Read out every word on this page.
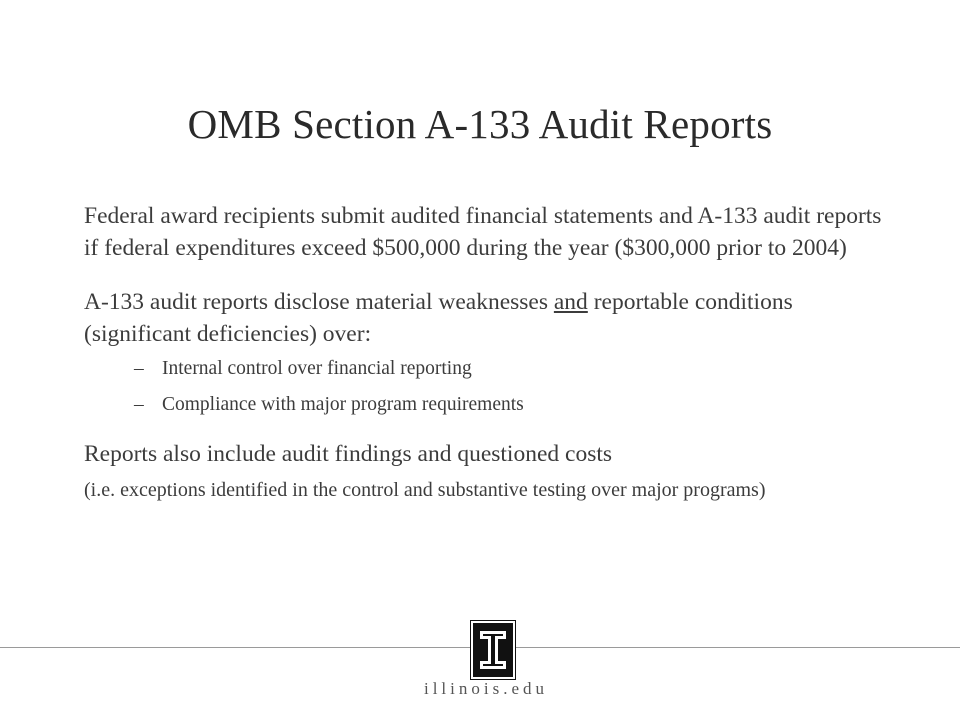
OMB Section A-133 Audit Reports

Federal award recipients submit audited financial statements and A-133 audit reports if federal expenditures exceed $500,000 during the year ($300,000 prior to 2004)

A-133 audit reports disclose material weaknesses and reportable conditions (significant deficiencies) over:

– Internal control over financial reporting
– Compliance with major program requirements

Reports also include audit findings and questioned costs

(i.e. exceptions identified in the control and substantive testing over major programs)

illinois.edu
